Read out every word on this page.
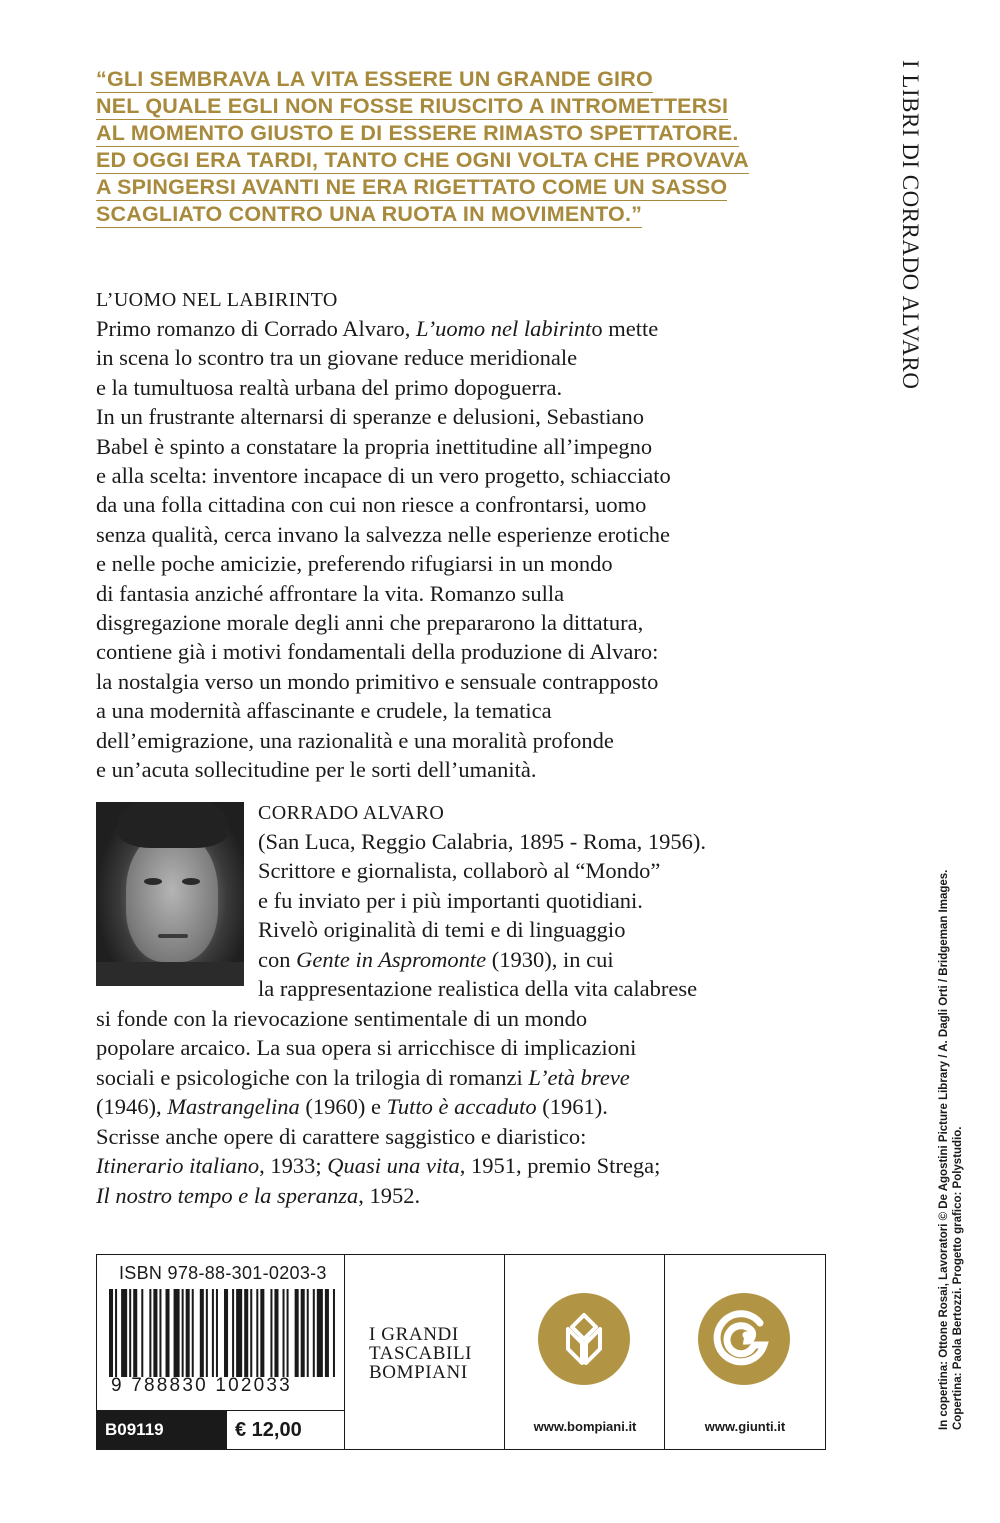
“GLI SEMBRAVA LA VITA ESSERE UN GRANDE GIRO
NEL QUALE EGLI NON FOSSE RIUSCITO A INTROMETTERSI
AL MOMENTO GIUSTO E DI ESSERE RIMASTO SPETTATORE.
ED OGGI ERA TARDI, TANTO CHE OGNI VOLTA CHE PROVAVA
A SPINGERSI AVANTI NE ERA RIGETTATO COME UN SASSO
SCAGLIATO CONTRO UNA RUOTA IN MOVIMENTO.”	I LIBRI DI CORRADO ALVARO
In copertina: Ottone Rosai, Lavoratori © De Agostini Picture Library / A. Dagli Orti / Bridgeman Images. Copertina: Paola Bertozzi. Progetto grafico: Polystudio.
L’UOMO NEL LABIRINTO
Primo romanzo di Corrado Alvaro, L’uomo nel labirinto mette
in scena lo scontro tra un giovane reduce meridionale
e la tumultuosa realtà urbana del primo dopoguerra.
In un frustrante alternarsi di speranze e delusioni, Sebastiano
Babel è spinto a constatare la propria inettitudine all’impegno
e alla scelta: inventore incapace di un vero progetto, schiacciato
da una folla cittadina con cui non riesce a confrontarsi, uomo
senza qualità, cerca invano la salvezza nelle esperienze erotiche
e nelle poche amicizie, preferendo rifugiarsi in un mondo
di fantasia anziché affrontare la vita. Romanzo sulla
disgregazione morale degli anni che prepararono la dittatura,
contiene già i motivi fondamentali della produzione di Alvaro:
la nostalgia verso un mondo primitivo e sensuale contrapposto
a una modernità affascinante e crudele, la tematica
dell’emigrazione, una razionalità e una moralità profonde
e un’acuta sollecitudine per le sorti dell’umanità.
CORRADO ALVARO
(San Luca, Reggio Calabria, 1895 - Roma, 1956).
Scrittore e giornalista, collaborò al “Mondo”
e fu inviato per i più importanti quotidiani.
Rivelò originalità di temi e di linguaggio
con Gente in Aspromonte (1930), in cui
la rappresentazione realistica della vita calabrese
si fonde con la rievocazione sentimentale di un mondo
popolare arcaico. La sua opera si arricchisce di implicazioni
sociali e psicologiche con la trilogia di romanzi L’età breve
(1946), Mastrangelina (1960) e Tutto è accaduto (1961).
Scrisse anche opere di carattere saggistico e diaristico:
Itinerario italiano, 1933; Quasi una vita, 1951, premio Strega;
Il nostro tempo e la speranza, 1952.
ISBN 978-88-301-0203-3
9 788830 102033
B09119	€ 12,00
I GRANDI
TASCABILI
BOMPIANI
www.bompiani.it	www.giunti.it
